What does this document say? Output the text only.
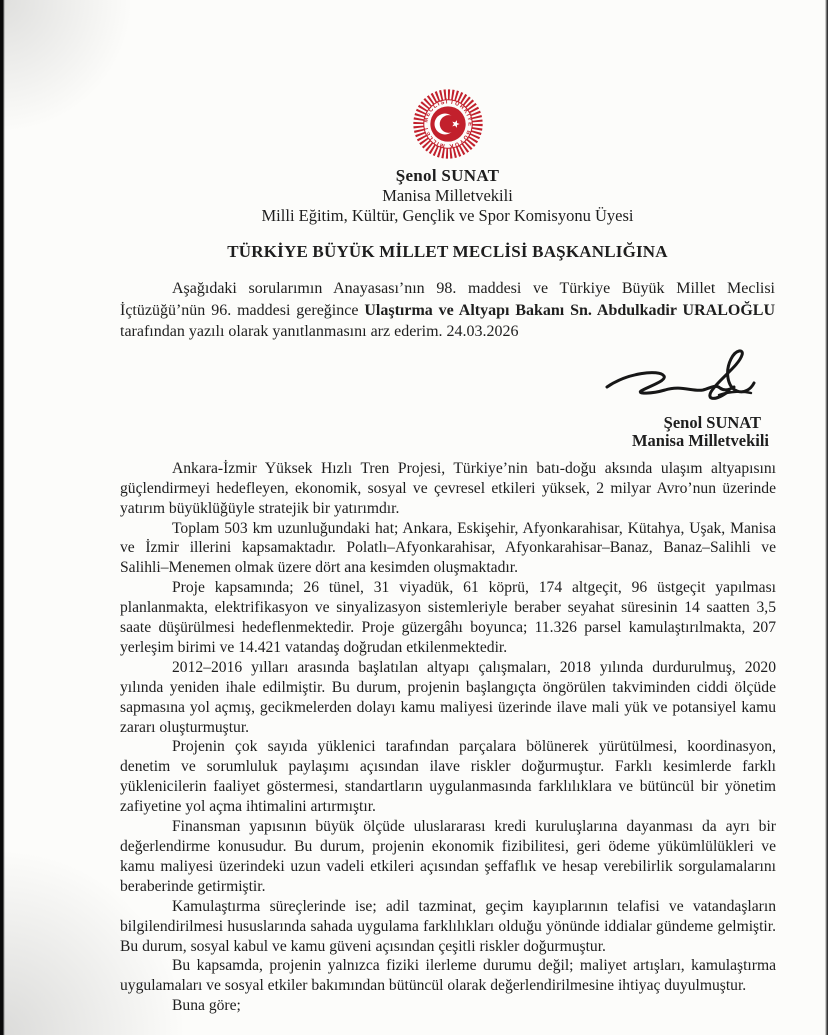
TÜRKİYE BÜYÜK MİLLET MECLİSİ
Şenol SUNAT
Manisa Milletvekili
Milli Eğitim, Kültür, Gençlik ve Spor Komisyonu Üyesi
TÜRKİYE BÜYÜK MİLLET MECLİSİ BAŞKANLIĞINA

Aşağıdaki sorularımın Anayasası’nın 98. maddesi ve Türkiye Büyük Millet Meclisi İçtüzüğü’nün 96. maddesi gereğince Ulaştırma ve Altyapı Bakanı Sn. Abdulkadir URALOĞLU tarafından yazılı olarak yanıtlanmasını arz ederim. 24.03.2026

Şenol SUNAT
Manisa Milletvekili

Ankara-İzmir Yüksek Hızlı Tren Projesi, Türkiye’nin batı-doğu aksında ulaşım altyapısını güçlendirmeyi hedefleyen, ekonomik, sosyal ve çevresel etkileri yüksek, 2 milyar Avro’nun üzerinde yatırım büyüklüğüyle stratejik bir yatırımdır.

Toplam 503 km uzunluğundaki hat; Ankara, Eskişehir, Afyonkarahisar, Kütahya, Uşak, Manisa ve İzmir illerini kapsamaktadır. Polatlı–Afyonkarahisar, Afyonkarahisar–Banaz, Banaz–Salihli ve Salihli–Menemen olmak üzere dört ana kesimden oluşmaktadır.

Proje kapsamında; 26 tünel, 31 viyadük, 61 köprü, 174 altgeçit, 96 üstgeçit yapılması planlanmakta, elektrifikasyon ve sinyalizasyon sistemleriyle beraber seyahat süresinin 14 saatten 3,5 saate düşürülmesi hedeflenmektedir. Proje güzergâhı boyunca; 11.326 parsel kamulaştırılmakta, 207 yerleşim birimi ve 14.421 vatandaş doğrudan etkilenmektedir.

2012–2016 yılları arasında başlatılan altyapı çalışmaları, 2018 yılında durdurulmuş, 2020 yılında yeniden ihale edilmiştir. Bu durum, projenin başlangıçta öngörülen takviminden ciddi ölçüde sapmasına yol açmış, gecikmelerden dolayı kamu maliyesi üzerinde ilave mali yük ve potansiyel kamu zararı oluşturmuştur.

Projenin çok sayıda yüklenici tarafından parçalara bölünerek yürütülmesi, koordinasyon, denetim ve sorumluluk paylaşımı açısından ilave riskler doğurmuştur. Farklı kesimlerde farklı yüklenicilerin faaliyet göstermesi, standartların uygulanmasında farklılıklara ve bütüncül bir yönetim zafiyetine yol açma ihtimalini artırmıştır.

Finansman yapısının büyük ölçüde uluslararası kredi kuruluşlarına dayanması da ayrı bir değerlendirme konusudur. Bu durum, projenin ekonomik fizibilitesi, geri ödeme yükümlülükleri ve kamu maliyesi üzerindeki uzun vadeli etkileri açısından şeffaflık ve hesap verebilirlik sorgulamalarını beraberinde getirmiştir.

Kamulaştırma süreçlerinde ise; adil tazminat, geçim kayıplarının telafisi ve vatandaşların bilgilendirilmesi hususlarında sahada uygulama farklılıkları olduğu yönünde iddialar gündeme gelmiştir. Bu durum, sosyal kabul ve kamu güveni açısından çeşitli riskler doğurmuştur.

Bu kapsamda, projenin yalnızca fiziki ilerleme durumu değil; maliyet artışları, kamulaştırma uygulamaları ve sosyal etkiler bakımından bütüncül olarak değerlendirilmesine ihtiyaç duyulmuştur.

Buna göre;
